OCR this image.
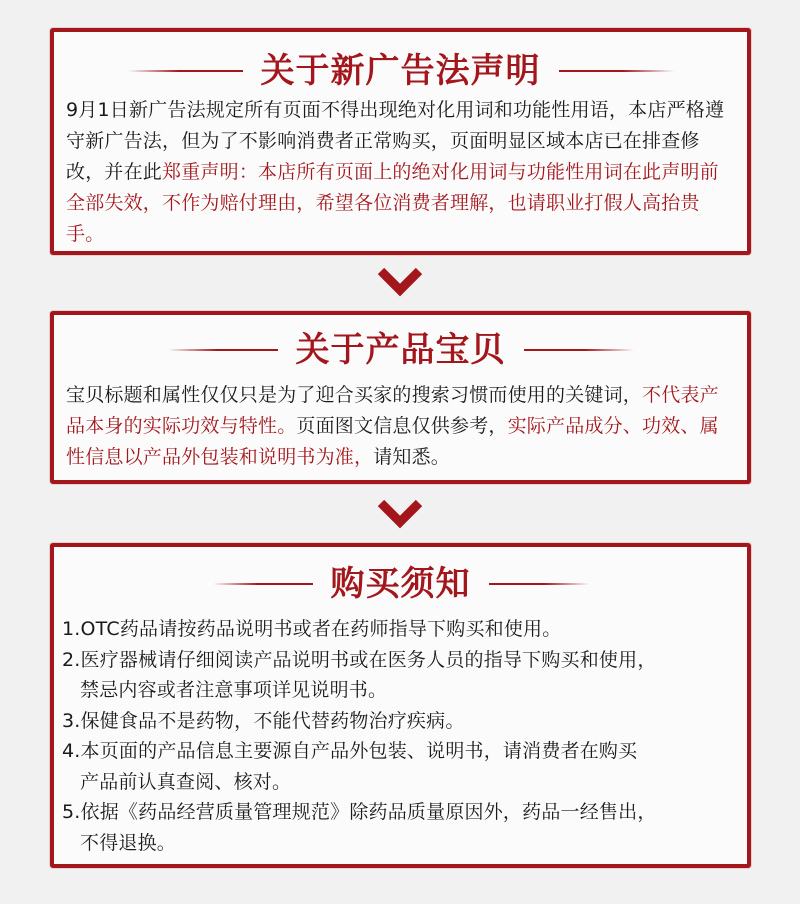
关于新广告法声明
9月1日新广告法规定所有页面不得出现绝对化用词和功能性用语，本店严格遵守新广告法，但为了不影响消费者正常购买，页面明显区域本店已在排查修改，并在此郑重声明：本店所有页面上的绝对化用词与功能性用词在此声明前全部失效，不作为赔付理由，希望各位消费者理解，也请职业打假人高抬贵手。
关于产品宝贝
宝贝标题和属性仅仅只是为了迎合买家的搜索习惯而使用的关键词，不代表产品本身的实际功效与特性。页面图文信息仅供参考，实际产品成分、功效、属性信息以产品外包装和说明书为准，请知悉。
购买须知
1.OTC药品请按药品说明书或者在药师指导下购买和使用。
2.医疗器械请仔细阅读产品说明书或在医务人员的指导下购买和使用，
禁忌内容或者注意事项详见说明书。
3.保健食品不是药物，不能代替药物治疗疾病。
4.本页面的产品信息主要源自产品外包装、说明书，请消费者在购买
产品前认真查阅、核对。
5.依据《药品经营质量管理规范》除药品质量原因外，药品一经售出，
不得退换。
